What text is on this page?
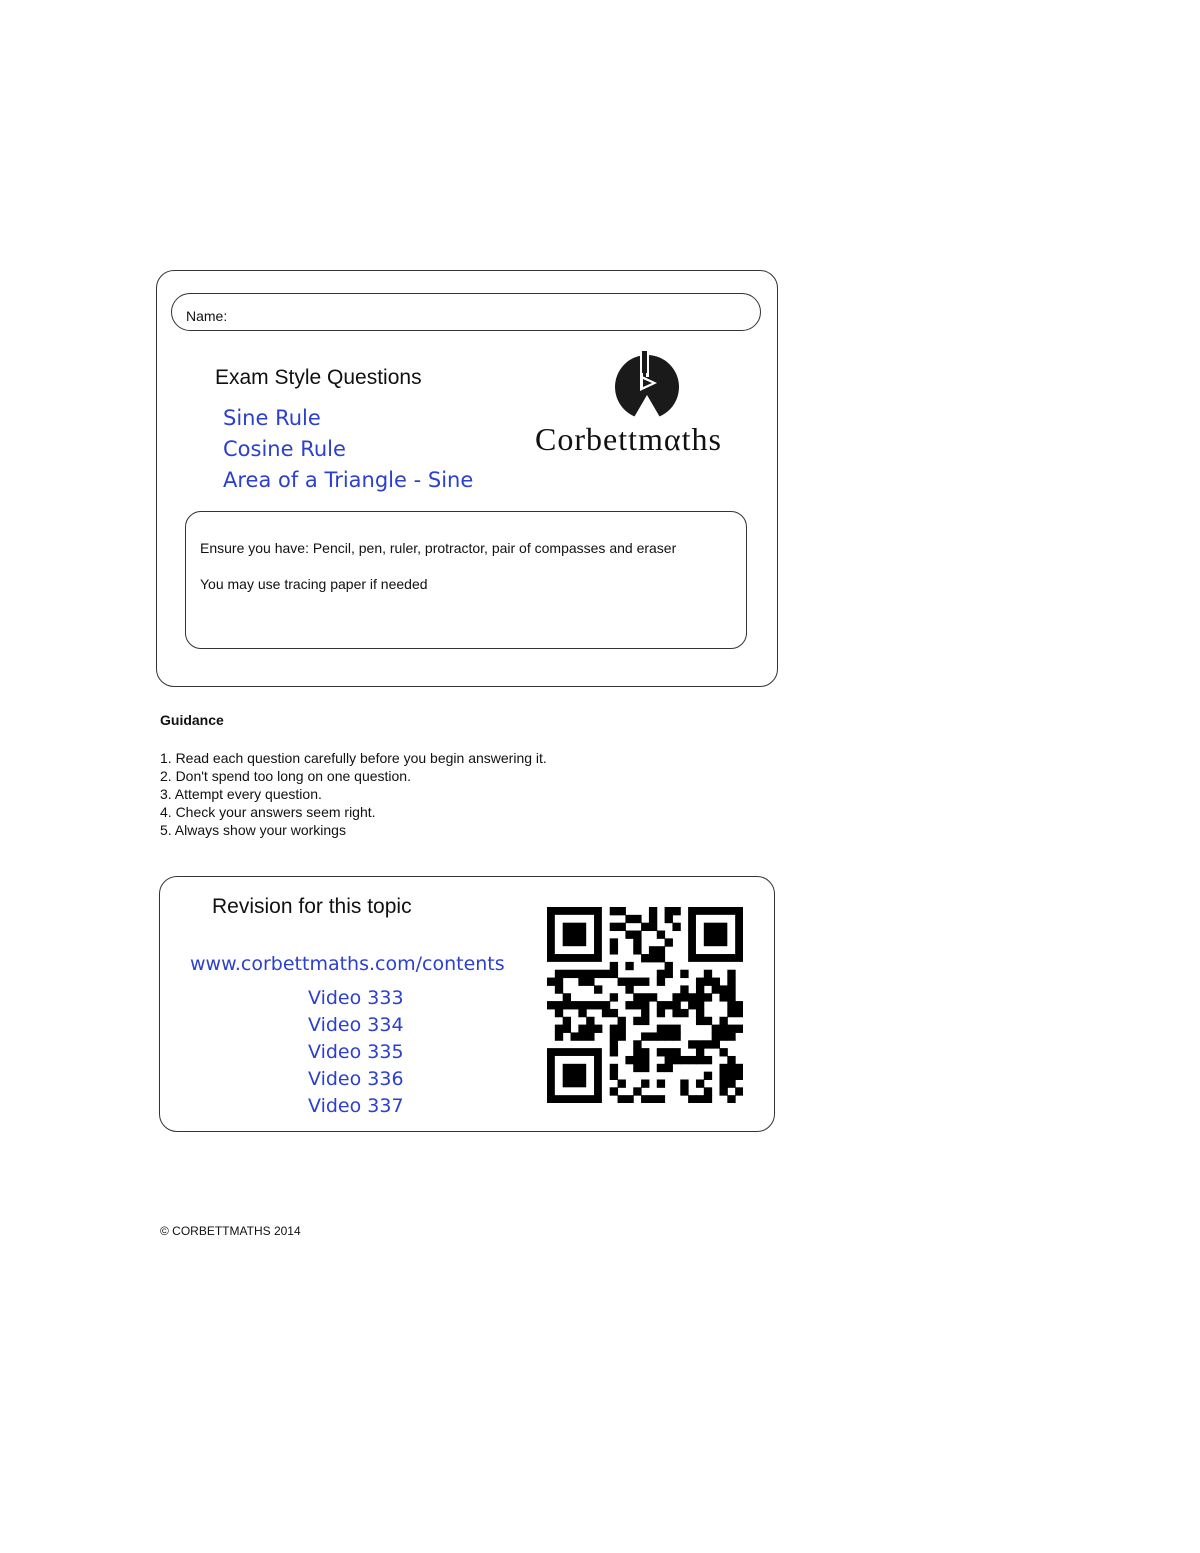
Name:
Exam Style Questions
Sine Rule
Cosine Rule
Area of a Triangle - Sine
Corbettmαths
Ensure you have: Pencil, pen, ruler, protractor, pair of compasses and eraser
You may use tracing paper if needed
Guidance
1. Read each question carefully before you begin answering it.
2. Don't spend too long on one question.
3. Attempt every question.
4. Check your answers seem right.
5. Always show your workings
Revision for this topic
www.corbettmaths.com/contents
Video 333
Video 334
Video 335
Video 336
Video 337
© CORBETTMATHS 2014
